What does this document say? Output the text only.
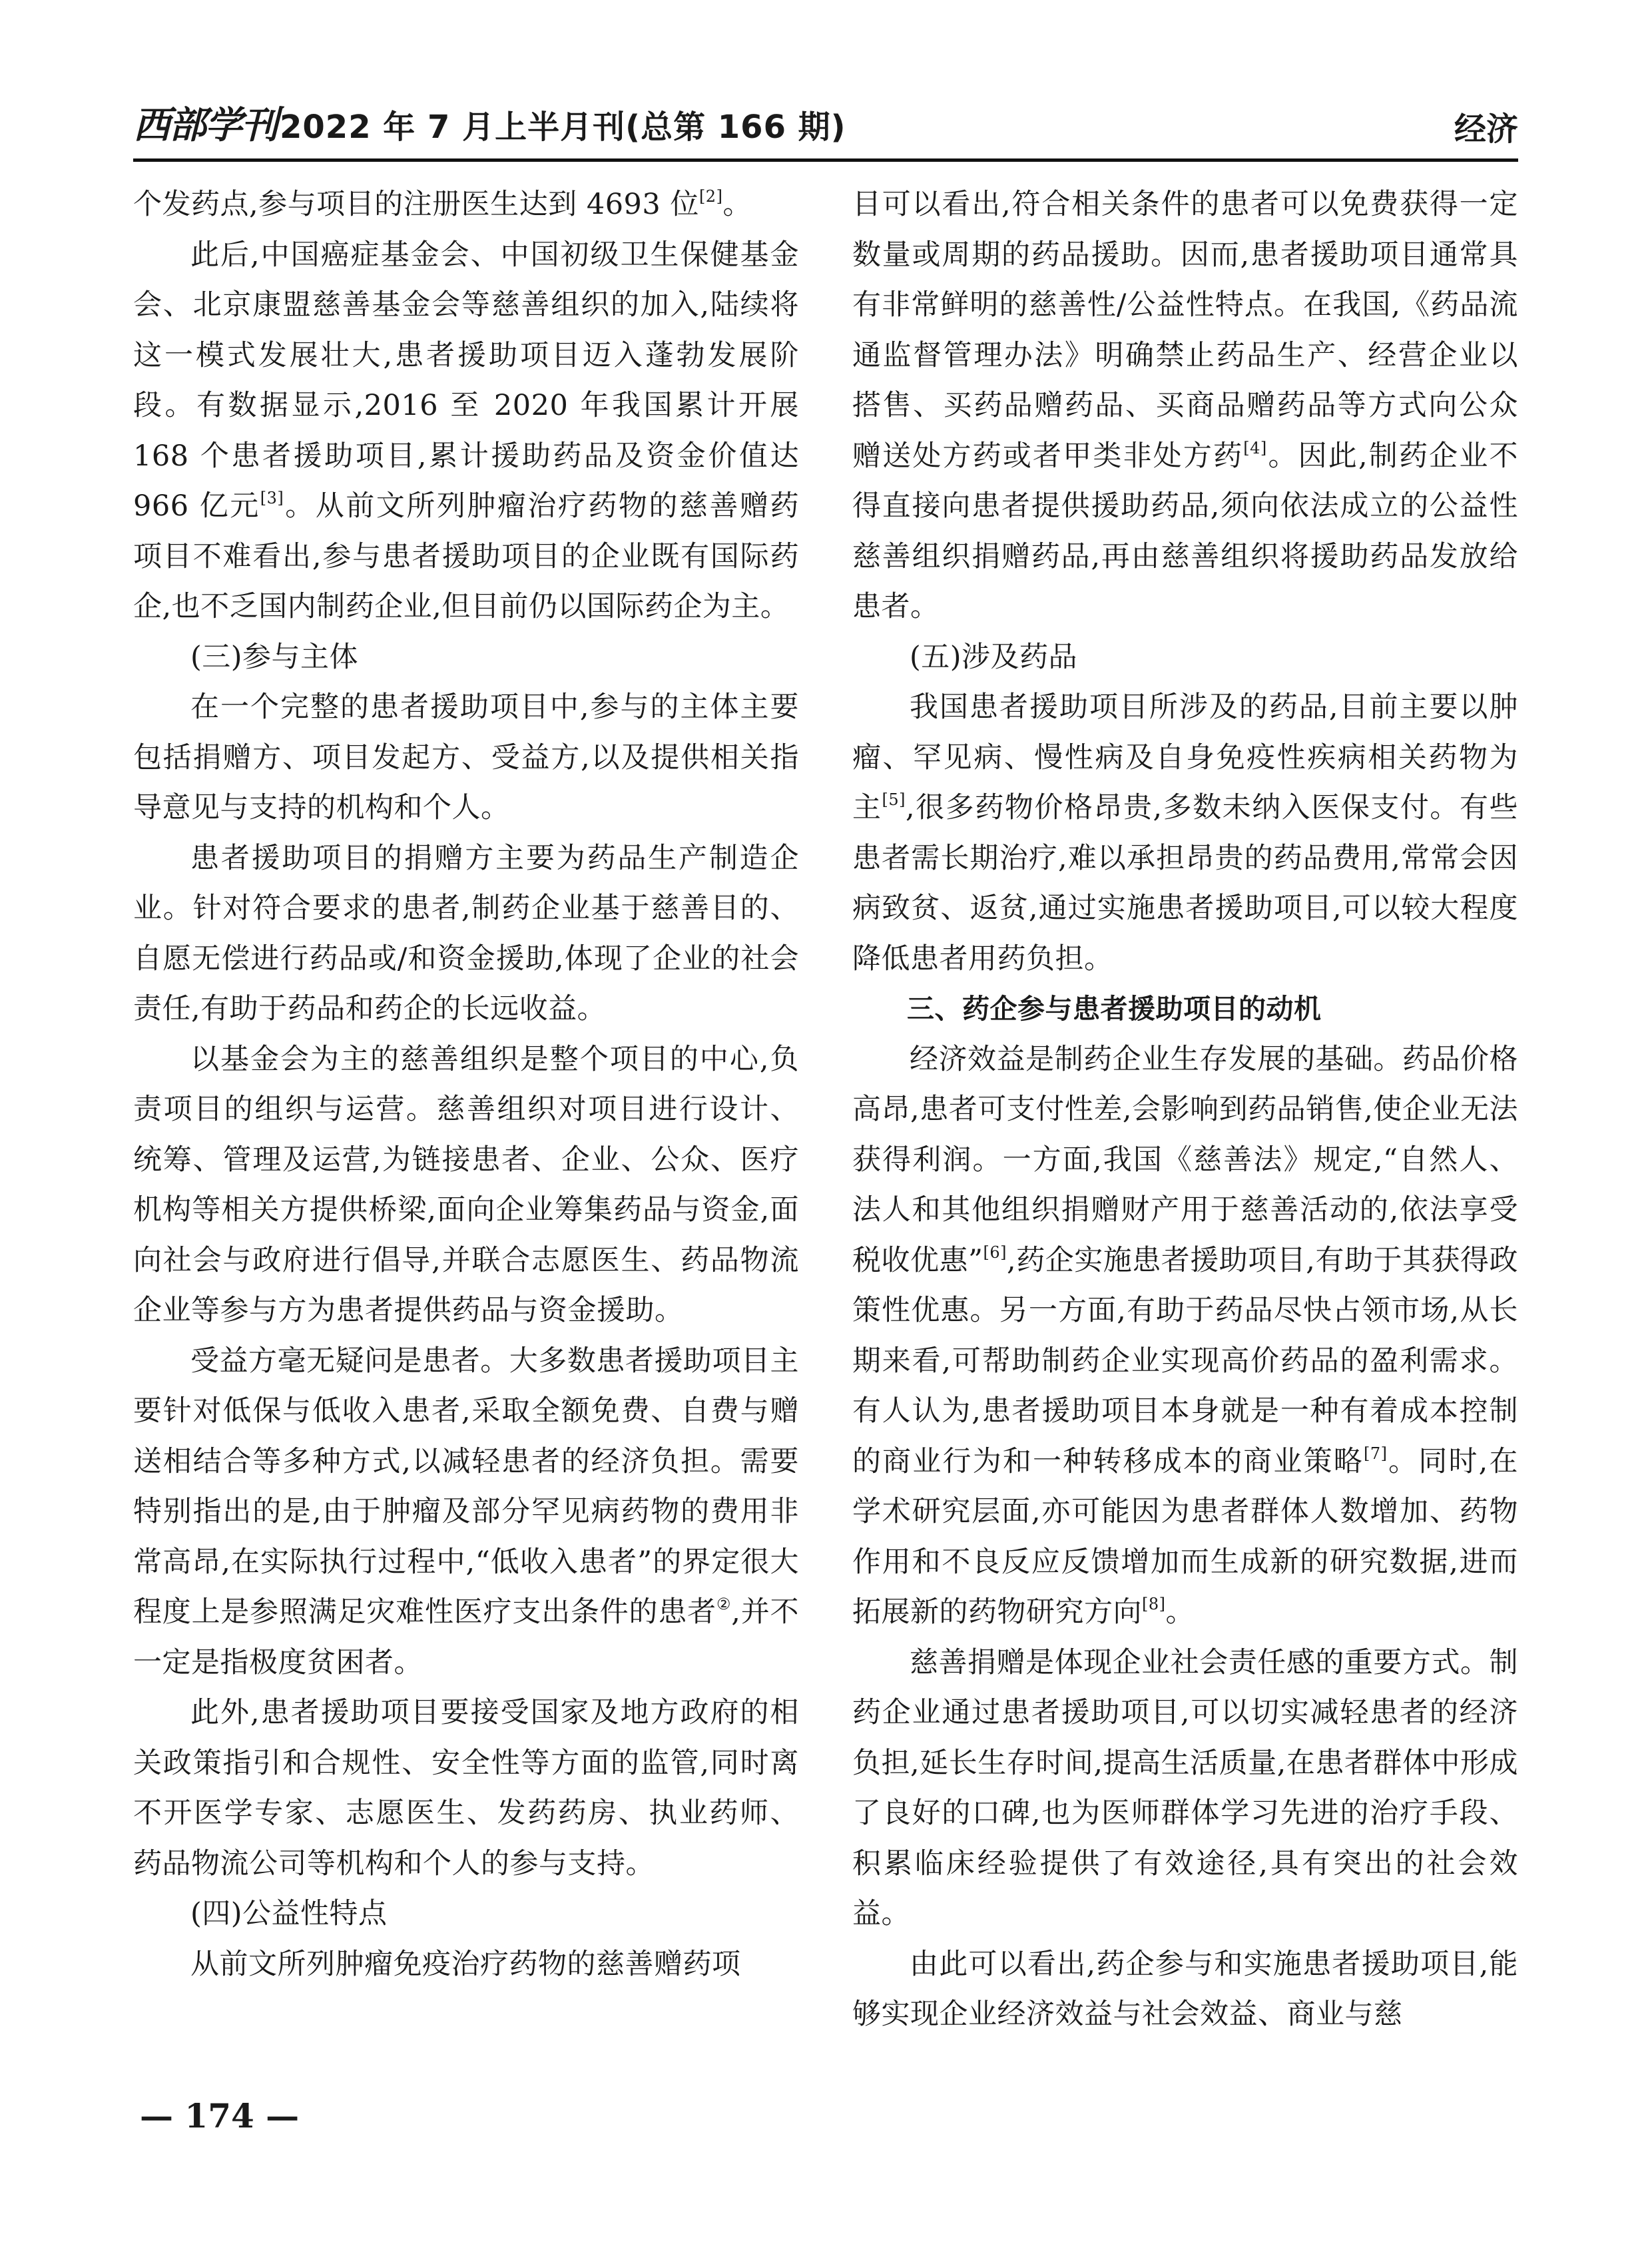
西部学刊2022 年 7 月上半月刊(总第 166 期)	经济

个发药点,参与项目的注册医生达到 4693 位[2]。

此后,中国癌症基金会、中国初级卫生保健基金会、北京康盟慈善基金会等慈善组织的加入,陆续将这一模式发展壮大,患者援助项目迈入蓬勃发展阶段。有数据显示,2016 至 2020 年我国累计开展 168 个患者援助项目,累计援助药品及资金价值达 966 亿元[3]。从前文所列肿瘤治疗药物的慈善赠药项目不难看出,参与患者援助项目的企业既有国际药企,也不乏国内制药企业,但目前仍以国际药企为主。

(三)参与主体

在一个完整的患者援助项目中,参与的主体主要包括捐赠方、项目发起方、受益方,以及提供相关指导意见与支持的机构和个人。

患者援助项目的捐赠方主要为药品生产制造企业。针对符合要求的患者,制药企业基于慈善目的、自愿无偿进行药品或/和资金援助,体现了企业的社会责任,有助于药品和药企的长远收益。

以基金会为主的慈善组织是整个项目的中心,负责项目的组织与运营。慈善组织对项目进行设计、统筹、管理及运营,为链接患者、企业、公众、医疗机构等相关方提供桥梁,面向企业筹集药品与资金,面向社会与政府进行倡导,并联合志愿医生、药品物流企业等参与方为患者提供药品与资金援助。

受益方毫无疑问是患者。大多数患者援助项目主要针对低保与低收入患者,采取全额免费、自费与赠送相结合等多种方式,以减轻患者的经济负担。需要特别指出的是,由于肿瘤及部分罕见病药物的费用非常高昂,在实际执行过程中,“低收入患者”的界定很大程度上是参照满足灾难性医疗支出条件的患者②,并不一定是指极度贫困者。

此外,患者援助项目要接受国家及地方政府的相关政策指引和合规性、安全性等方面的监管,同时离不开医学专家、志愿医生、发药药房、执业药师、药品物流公司等机构和个人的参与支持。

(四)公益性特点

从前文所列肿瘤免疫治疗药物的慈善赠药项

目可以看出,符合相关条件的患者可以免费获得一定数量或周期的药品援助。因而,患者援助项目通常具有非常鲜明的慈善性/公益性特点。在我国,《药品流通监督管理办法》明确禁止药品生产、经营企业以搭售、买药品赠药品、买商品赠药品等方式向公众赠送处方药或者甲类非处方药[4]。因此,制药企业不得直接向患者提供援助药品,须向依法成立的公益性慈善组织捐赠药品,再由慈善组织将援助药品发放给患者。

(五)涉及药品

我国患者援助项目所涉及的药品,目前主要以肿瘤、罕见病、慢性病及自身免疫性疾病相关药物为主[5],很多药物价格昂贵,多数未纳入医保支付。有些患者需长期治疗,难以承担昂贵的药品费用,常常会因病致贫、返贫,通过实施患者援助项目,可以较大程度降低患者用药负担。

三、药企参与患者援助项目的动机

经济效益是制药企业生存发展的基础。药品价格高昂,患者可支付性差,会影响到药品销售,使企业无法获得利润。一方面,我国《慈善法》规定,“自然人、法人和其他组织捐赠财产用于慈善活动的,依法享受税收优惠”[6],药企实施患者援助项目,有助于其获得政策性优惠。另一方面,有助于药品尽快占领市场,从长期来看,可帮助制药企业实现高价药品的盈利需求。有人认为,患者援助项目本身就是一种有着成本控制的商业行为和一种转移成本的商业策略[7]。同时,在学术研究层面,亦可能因为患者群体人数增加、药物作用和不良反应反馈增加而生成新的研究数据,进而拓展新的药物研究方向[8]。

慈善捐赠是体现企业社会责任感的重要方式。制药企业通过患者援助项目,可以切实减轻患者的经济负担,延长生存时间,提高生活质量,在患者群体中形成了良好的口碑,也为医师群体学习先进的治疗手段、积累临床经验提供了有效途径,具有突出的社会效益。

由此可以看出,药企参与和实施患者援助项目,能够实现企业经济效益与社会效益、商业与慈

— 174 —
